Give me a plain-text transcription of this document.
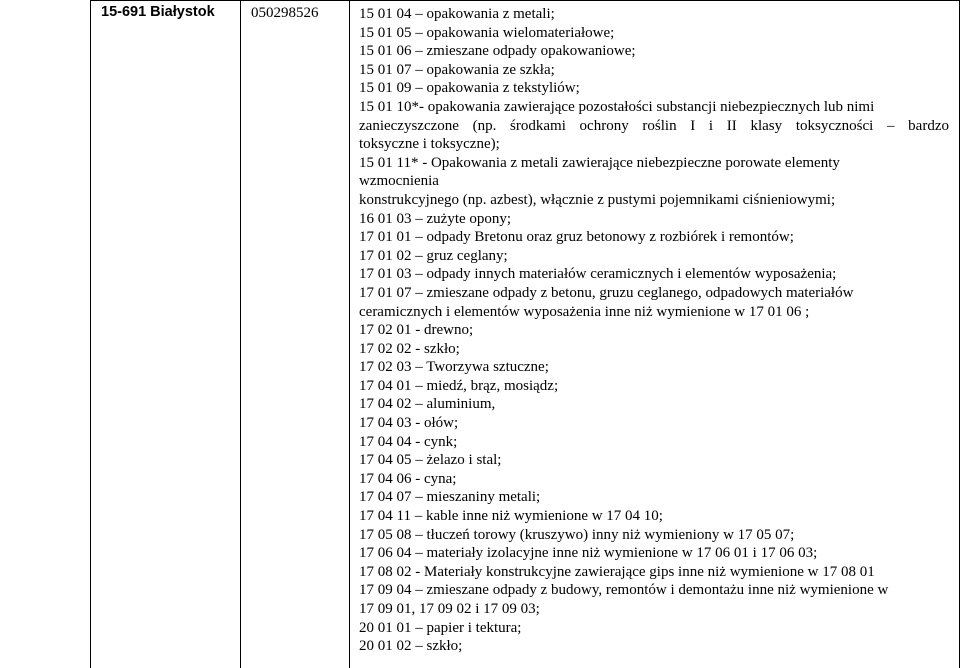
15-691 Białystok 050298526	15 01 04 – opakowania z metali;
15 01 05 – opakowania wielomateriałowe;
15 01 06 – zmieszane odpady opakowaniowe;
15 01 07 – opakowania ze szkła;
15 01 09 – opakowania z tekstyliów;
15 01 10*- opakowania zawierające pozostałości substancji niebezpiecznych lub nimi
zanieczyszczone (np. środkami ochrony roślin I i II klasy toksyczności – bardzo
toksyczne i toksyczne);
15 01 11* - Opakowania z metali zawierające niebezpieczne porowate elementy
wzmocnienia
konstrukcyjnego (np. azbest), włącznie z pustymi pojemnikami ciśnieniowymi;
16 01 03 – zużyte opony;
17 01 01 – odpady Bretonu oraz gruz betonowy z rozbiórek i remontów;
17 01 02 – gruz ceglany;
17 01 03 – odpady innych materiałów ceramicznych i elementów wyposażenia;
17 01 07 – zmieszane odpady z betonu, gruzu ceglanego, odpadowych materiałów
ceramicznych i elementów wyposażenia inne niż wymienione w 17 01 06 ;
17 02 01 - drewno;
17 02 02 - szkło;
17 02 03 – Tworzywa sztuczne;
17 04 01 – miedź, brąz, mosiądz;
17 04 02 – aluminium,
17 04 03 - ołów;
17 04 04 - cynk;
17 04 05 – żelazo i stal;
17 04 06 - cyna;
17 04 07 – mieszaniny metali;
17 04 11 – kable inne niż wymienione w 17 04 10;
17 05 08 – tłuczeń torowy (kruszywo) inny niż wymieniony w 17 05 07;
17 06 04 – materiały izolacyjne inne niż wymienione w 17 06 01 i 17 06 03;
17 08 02 - Materiały konstrukcyjne zawierające gips inne niż wymienione w 17 08 01
17 09 04 – zmieszane odpady z budowy, remontów i demontażu inne niż wymienione w
17 09 01, 17 09 02 i 17 09 03;
20 01 01 – papier i tektura;
20 01 02 – szkło;
